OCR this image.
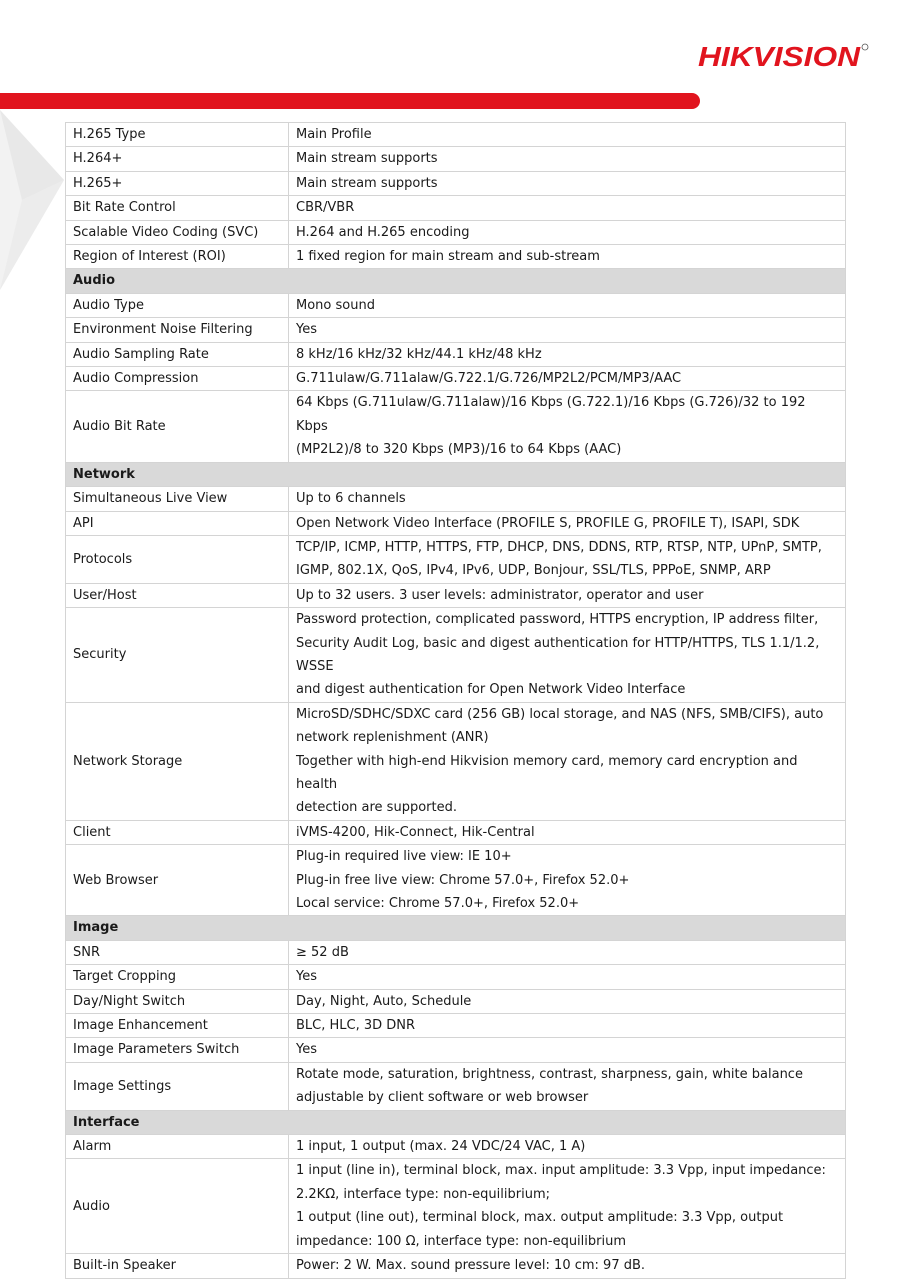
HIKVISION
H.265 Type	Main Profile

H.264+	Main stream supports

H.265+	Main stream supports

Bit Rate Control	CBR/VBR

Scalable Video Coding (SVC)	H.264 and H.265 encoding

Region of Interest (ROI)	1 fixed region for main stream and sub-stream

Audio	
Audio Type	Mono sound

Environment Noise Filtering	Yes

Audio Sampling Rate	8 kHz/16 kHz/32 kHz/44.1 kHz/48 kHz

Audio Compression	G.711ulaw/G.711alaw/G.722.1/G.726/MP2L2/PCM/MP3/AAC

Audio Bit Rate	64 Kbps (G.711ulaw/G.711alaw)/16 Kbps (G.722.1)/16 Kbps (G.726)/32 to 192 Kbps
(MP2L2)/8 to 320 Kbps (MP3)/16 to 64 Kbps (AAC)

Network	
Simultaneous Live View	Up to 6 channels

API	Open Network Video Interface (PROFILE S, PROFILE G, PROFILE T), ISAPI, SDK

Protocols	TCP/IP, ICMP, HTTP, HTTPS, FTP, DHCP, DNS, DDNS, RTP, RTSP, NTP, UPnP, SMTP,
IGMP, 802.1X, QoS, IPv4, IPv6, UDP, Bonjour, SSL/TLS, PPPoE, SNMP, ARP

User/Host	Up to 32 users. 3 user levels: administrator, operator and user

Security	Password protection, complicated password, HTTPS encryption, IP address filter,
Security Audit Log, basic and digest authentication for HTTP/HTTPS, TLS 1.1/1.2, WSSE
and digest authentication for Open Network Video Interface

Network Storage	MicroSD/SDHC/SDXC card (256 GB) local storage, and NAS (NFS, SMB/CIFS), auto
network replenishment (ANR)
Together with high-end Hikvision memory card, memory card encryption and health
detection are supported.

Client	iVMS-4200, Hik-Connect, Hik-Central

Web Browser	Plug-in required live view: IE 10+
Plug-in free live view: Chrome 57.0+, Firefox 52.0+
Local service: Chrome 57.0+, Firefox 52.0+

Image	
SNR	≥ 52 dB

Target Cropping	Yes

Day/Night Switch	Day, Night, Auto, Schedule

Image Enhancement	BLC, HLC, 3D DNR

Image Parameters Switch	Yes

Image Settings	Rotate mode, saturation, brightness, contrast, sharpness, gain, white balance
adjustable by client software or web browser

Interface	
Alarm	1 input, 1 output (max. 24 VDC/24 VAC, 1 A)

Audio	1 input (line in), terminal block, max. input amplitude: 3.3 Vpp, input impedance:
2.2KΩ, interface type: non-equilibrium;
1 output (line out), terminal block, max. output amplitude: 3.3 Vpp, output
impedance: 100 Ω, interface type: non-equilibrium

Built-in Speaker	Power: 2 W. Max. sound pressure level: 10 cm: 97 dB.
